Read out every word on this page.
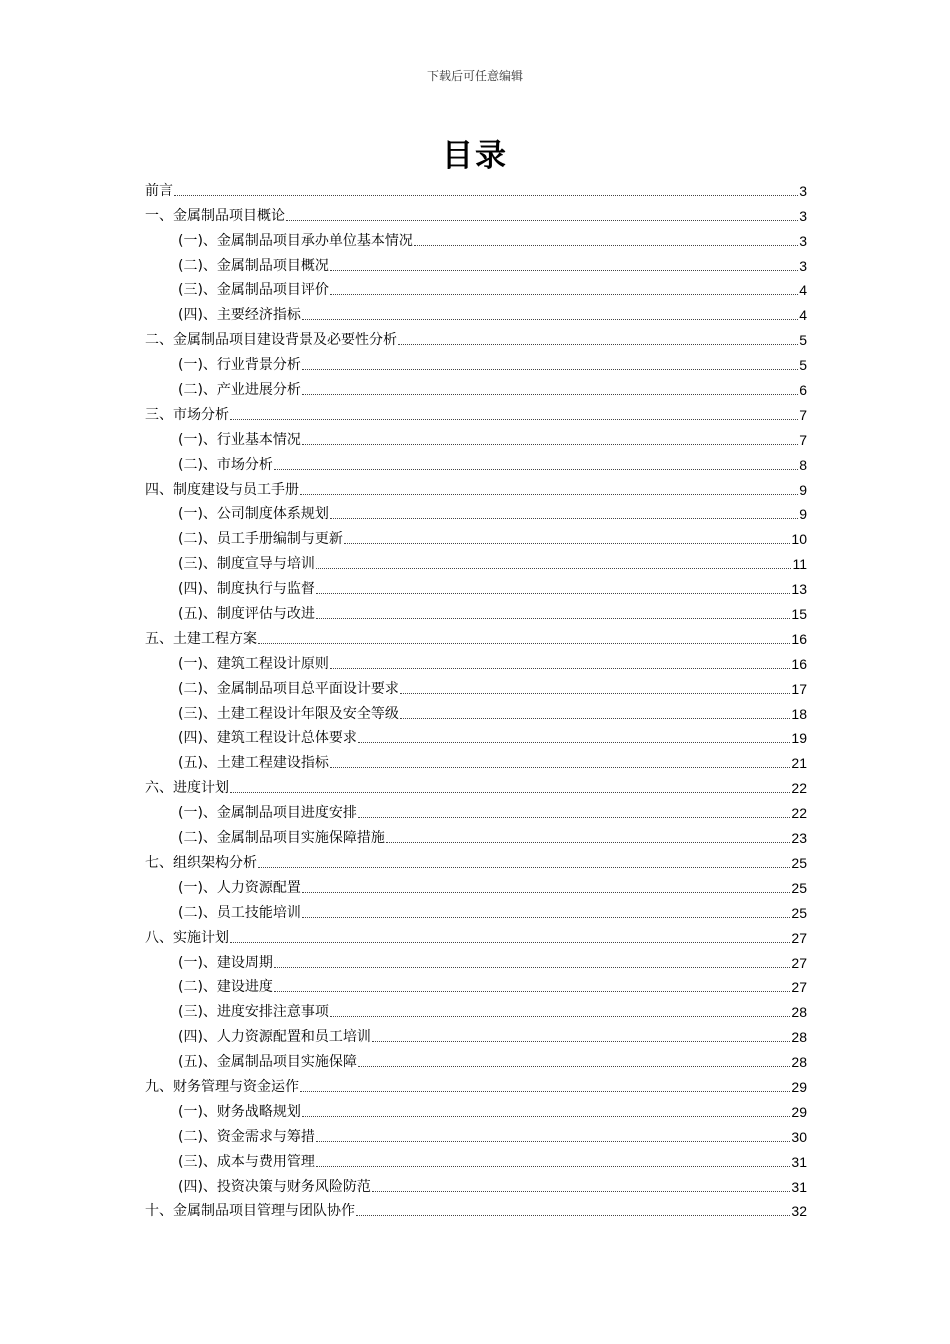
下载后可任意编辑
目录
前言	3
一、金属制品项目概论	3
(一)、金属制品项目承办单位基本情况	3
(二)、金属制品项目概况	3
(三)、金属制品项目评价	4
(四)、主要经济指标	4
二、金属制品项目建设背景及必要性分析	5
(一)、行业背景分析	5
(二)、产业进展分析	6
三、市场分析	7
(一)、行业基本情况	7
(二)、市场分析	8
四、制度建设与员工手册	9
(一)、公司制度体系规划	9
(二)、员工手册编制与更新	10
(三)、制度宣导与培训	11
(四)、制度执行与监督	13
(五)、制度评估与改进	15
五、土建工程方案	16
(一)、建筑工程设计原则	16
(二)、金属制品项目总平面设计要求	17
(三)、土建工程设计年限及安全等级	18
(四)、建筑工程设计总体要求	19
(五)、土建工程建设指标	21
六、进度计划	22
(一)、金属制品项目进度安排	22
(二)、金属制品项目实施保障措施	23
七、组织架构分析	25
(一)、人力资源配置	25
(二)、员工技能培训	25
八、实施计划	27
(一)、建设周期	27
(二)、建设进度	27
(三)、进度安排注意事项	28
(四)、人力资源配置和员工培训	28
(五)、金属制品项目实施保障	28
九、财务管理与资金运作	29
(一)、财务战略规划	29
(二)、资金需求与筹措	30
(三)、成本与费用管理	31
(四)、投资决策与财务风险防范	31
十、金属制品项目管理与团队协作	32
